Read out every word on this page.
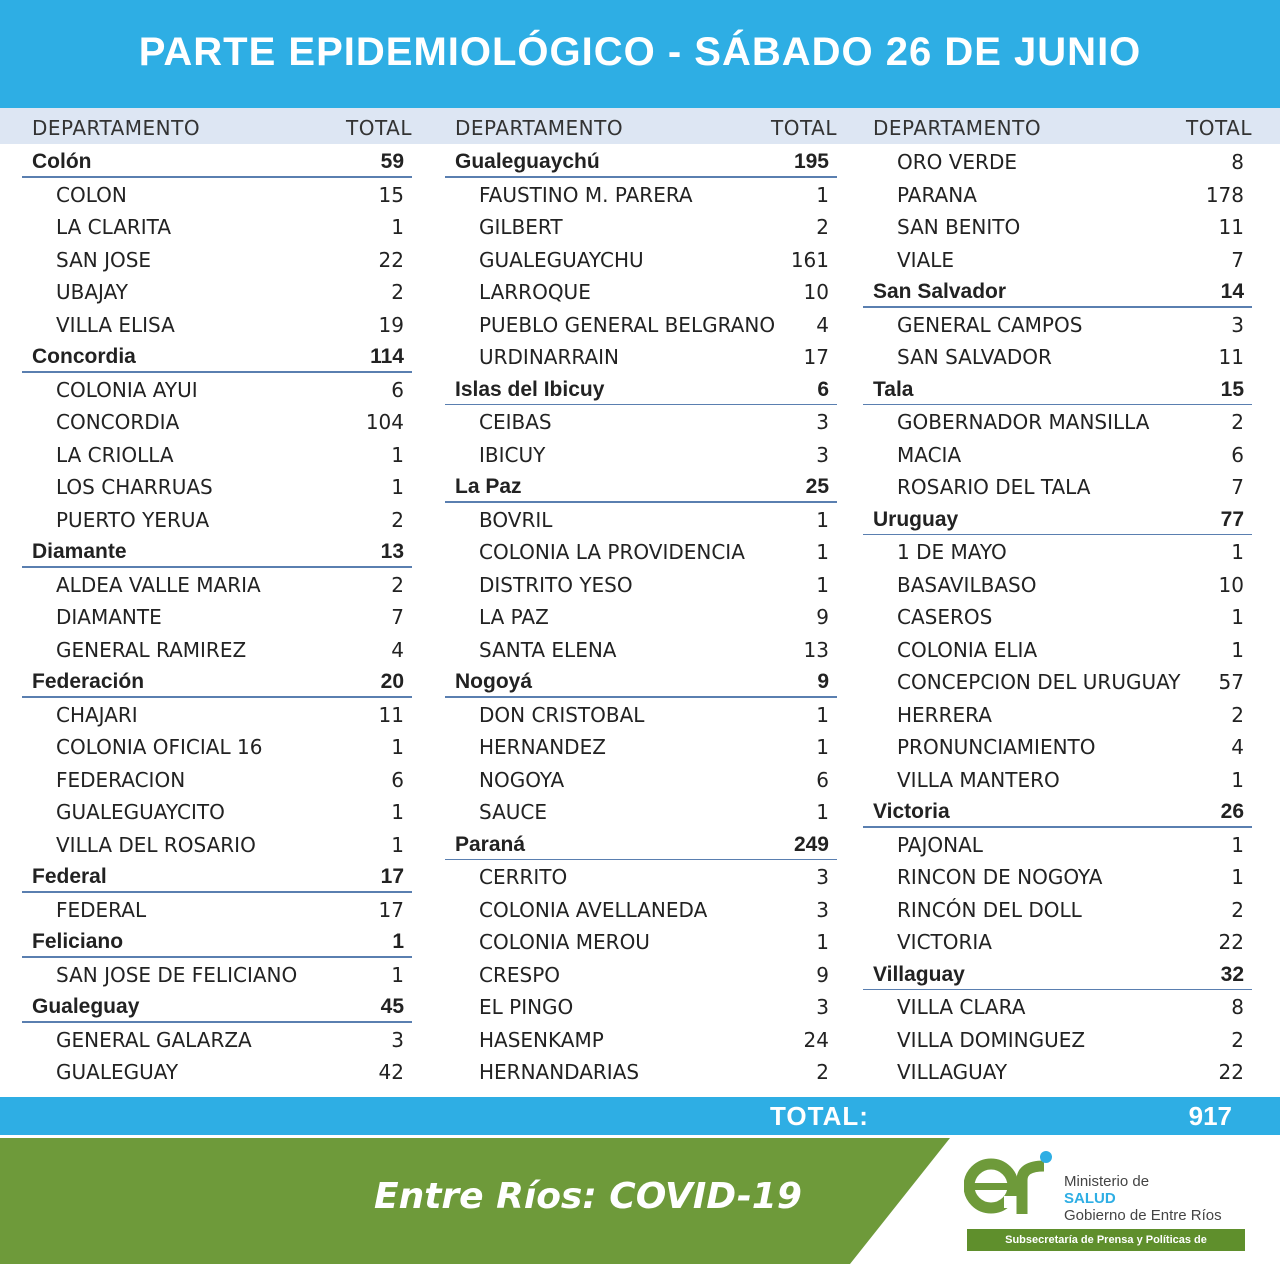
PARTE EPIDEMIOLÓGICO - SÁBADO 26 DE JUNIO
DEPARTAMENTO	TOTAL
Colón	59
COLON	15
LA CLARITA	1
SAN JOSE	22
UBAJAY	2
VILLA ELISA	19
Concordia	114
COLONIA AYUI	6
CONCORDIA	104
LA CRIOLLA	1
LOS CHARRUAS	1
PUERTO YERUA	2
Diamante	13
ALDEA VALLE MARIA	2
DIAMANTE	7
GENERAL RAMIREZ	4
Federación	20
CHAJARI	11
COLONIA OFICIAL 16	1
FEDERACION	6
GUALEGUAYCITO	1
VILLA DEL ROSARIO	1
Federal	17
FEDERAL	17
Feliciano	1
SAN JOSE DE FELICIANO	1
Gualeguay	45
GENERAL GALARZA	3
GUALEGUAY	42
DEPARTAMENTO	TOTAL
Gualeguaychú	195
FAUSTINO M. PARERA	1
GILBERT	2
GUALEGUAYCHU	161
LARROQUE	10
PUEBLO GENERAL BELGRANO 4
URDINARRAIN	17
Islas del Ibicuy	6
CEIBAS	3
IBICUY	3
La Paz	25
BOVRIL	1
COLONIA LA PROVIDENCIA	1
DISTRITO YESO	1
LA PAZ	9
SANTA ELENA	13
Nogoyá	9
DON CRISTOBAL	1
HERNANDEZ	1
NOGOYA	6
SAUCE	1
Paraná	249
CERRITO	3
COLONIA AVELLANEDA	3
COLONIA MEROU	1
CRESPO	9
EL PINGO	3
HASENKAMP	24
HERNANDARIAS	2
DEPARTAMENTO	TOTAL
ORO VERDE	8
PARANA	178
SAN BENITO	11
VIALE	7
San Salvador	14
GENERAL CAMPOS	3
SAN SALVADOR	11
Tala	15
GOBERNADOR MANSILLA	2
MACIA	6
ROSARIO DEL TALA	7
Uruguay	77
1 DE MAYO	1
BASAVILBASO	10
CASEROS	1
COLONIA ELIA	1
CONCEPCION DEL URUGUAY 57
HERRERA	2
PRONUNCIAMIENTO	4
VILLA MANTERO	1
Victoria	26
PAJONAL	1
RINCON DE NOGOYA	1
RINCÓN DEL DOLL	2
VICTORIA	22
Villaguay	32
VILLA CLARA	8
VILLA DOMINGUEZ	2
VILLAGUAY	22
TOTAL:	917
Entre Ríos: COVID-19	Ministerio de
SALUD
Gobierno de Entre Ríos
Subsecretaría de Prensa y Políticas de Comunicación
